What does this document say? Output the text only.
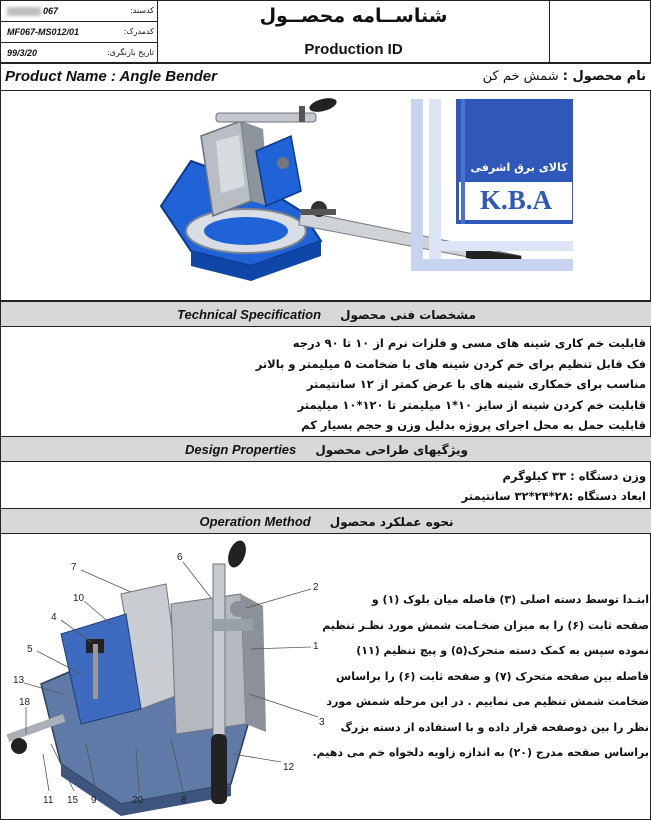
067	کدسند:
MF067-MS012/01	کدمدرک:
99/3/20	تاریخ بازنگری:
شناســامه محصــول
Production ID
Product Name : Angle Bender	نام محصول : شمش خم کن
کالای برق اشرفی
K.B.A
Technical Specification مشخصات فنی محصول
قابلیت خم کاری شینه های مسی و فلزات نرم از ۱۰ تا ۹۰ درجه
فک قابل تنظیم برای خم کردن شینه های با ضخامت ۵ میلیمتر و بالاتر
مناسب برای خمکاری شینه های با عرض کمتر از ۱۲ سانتیمتر
قابلیت خم کردن شینه از سایز ۱۰*۱ میلیمتر تا ۱۲۰*۱۰ میلیمتر
قابلیت حمل به محل اجرای پروژه بدلیل وزن و حجم بسیار کم
Design Properties ویژگیهای طراحی محصول
وزن دستگاه : ۳۳ کیلوگرم
ابعاد دستگاه :۲۸*۲۴*۳۲ سانتیمتر
Operation Method نحوه عملکرد محصول
7
6
2
10
4
1
5
13
3
18
12
11 15 9	20	8
ابتـدا توسط دسته اصلی (۳) فاصله میان بلوک (۱) و
صفحه ثابت (۶) را به میزان ضخـامت شمش مورد نظـر تنظیم
نموده سپس به کمک دسته متحرک(۵) و پیچ تنظیم (۱۱)
فاصله بین صفحه متحرک (۷) و صفحه ثابت (۶) را براساس
ضخامت شمش تنظیم می نماییم . در این مرحله شمش مورد
نظر را بین دوصفحه قرار داده و با استفاده از دسته بزرگ
براساس صفحه مدرج (۲۰) به اندازه زاویه دلخواه خم می دهیم.
